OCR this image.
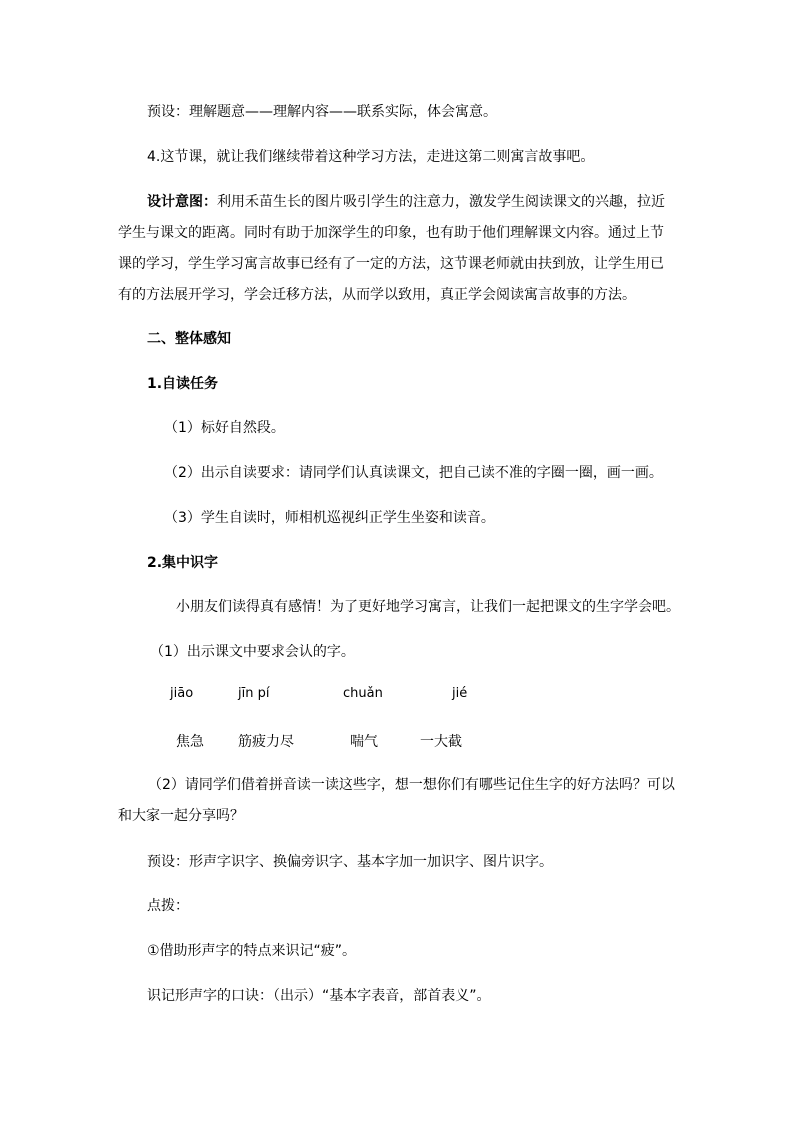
预设：理解题意——理解内容——联系实际，体会寓意。
4.这节课，就让我们继续带着这种学习方法，走进这第二则寓言故事吧。
设计意图：利用禾苗生长的图片吸引学生的注意力，激发学生阅读课文的兴趣，拉近学生与课文的距离。同时有助于加深学生的印象，也有助于他们理解课文内容。通过上节课的学习，学生学习寓言故事已经有了一定的方法，这节课老师就由扶到放，让学生用已有的方法展开学习，学会迁移方法，从而学以致用，真正学会阅读寓言故事的方法。
二、整体感知
1.自读任务
（1）标好自然段。
（2）出示自读要求：请同学们认真读课文，把自己读不准的字圈一圈，画一画。
（3）学生自读时，师相机巡视纠正学生坐姿和读音。
2.集中识字
小朋友们读得真有感情！为了更好地学习寓言，让我们一起把课文的生字学会吧。
（1）出示课文中要求会认的字。
jiāo	jīn pí	chuǎn	jié
焦急 筋疲力尽	喘气	一大截
（2）请同学们借着拼音读一读这些字，想一想你们有哪些记住生字的好方法吗？可以和大家一起分享吗？
预设：形声字识字、换偏旁识字、基本字加一加识字、图片识字。
点拨：
①借助形声字的特点来识记“疲”。
识记形声字的口诀：（出示）“基本字表音，部首表义”。
